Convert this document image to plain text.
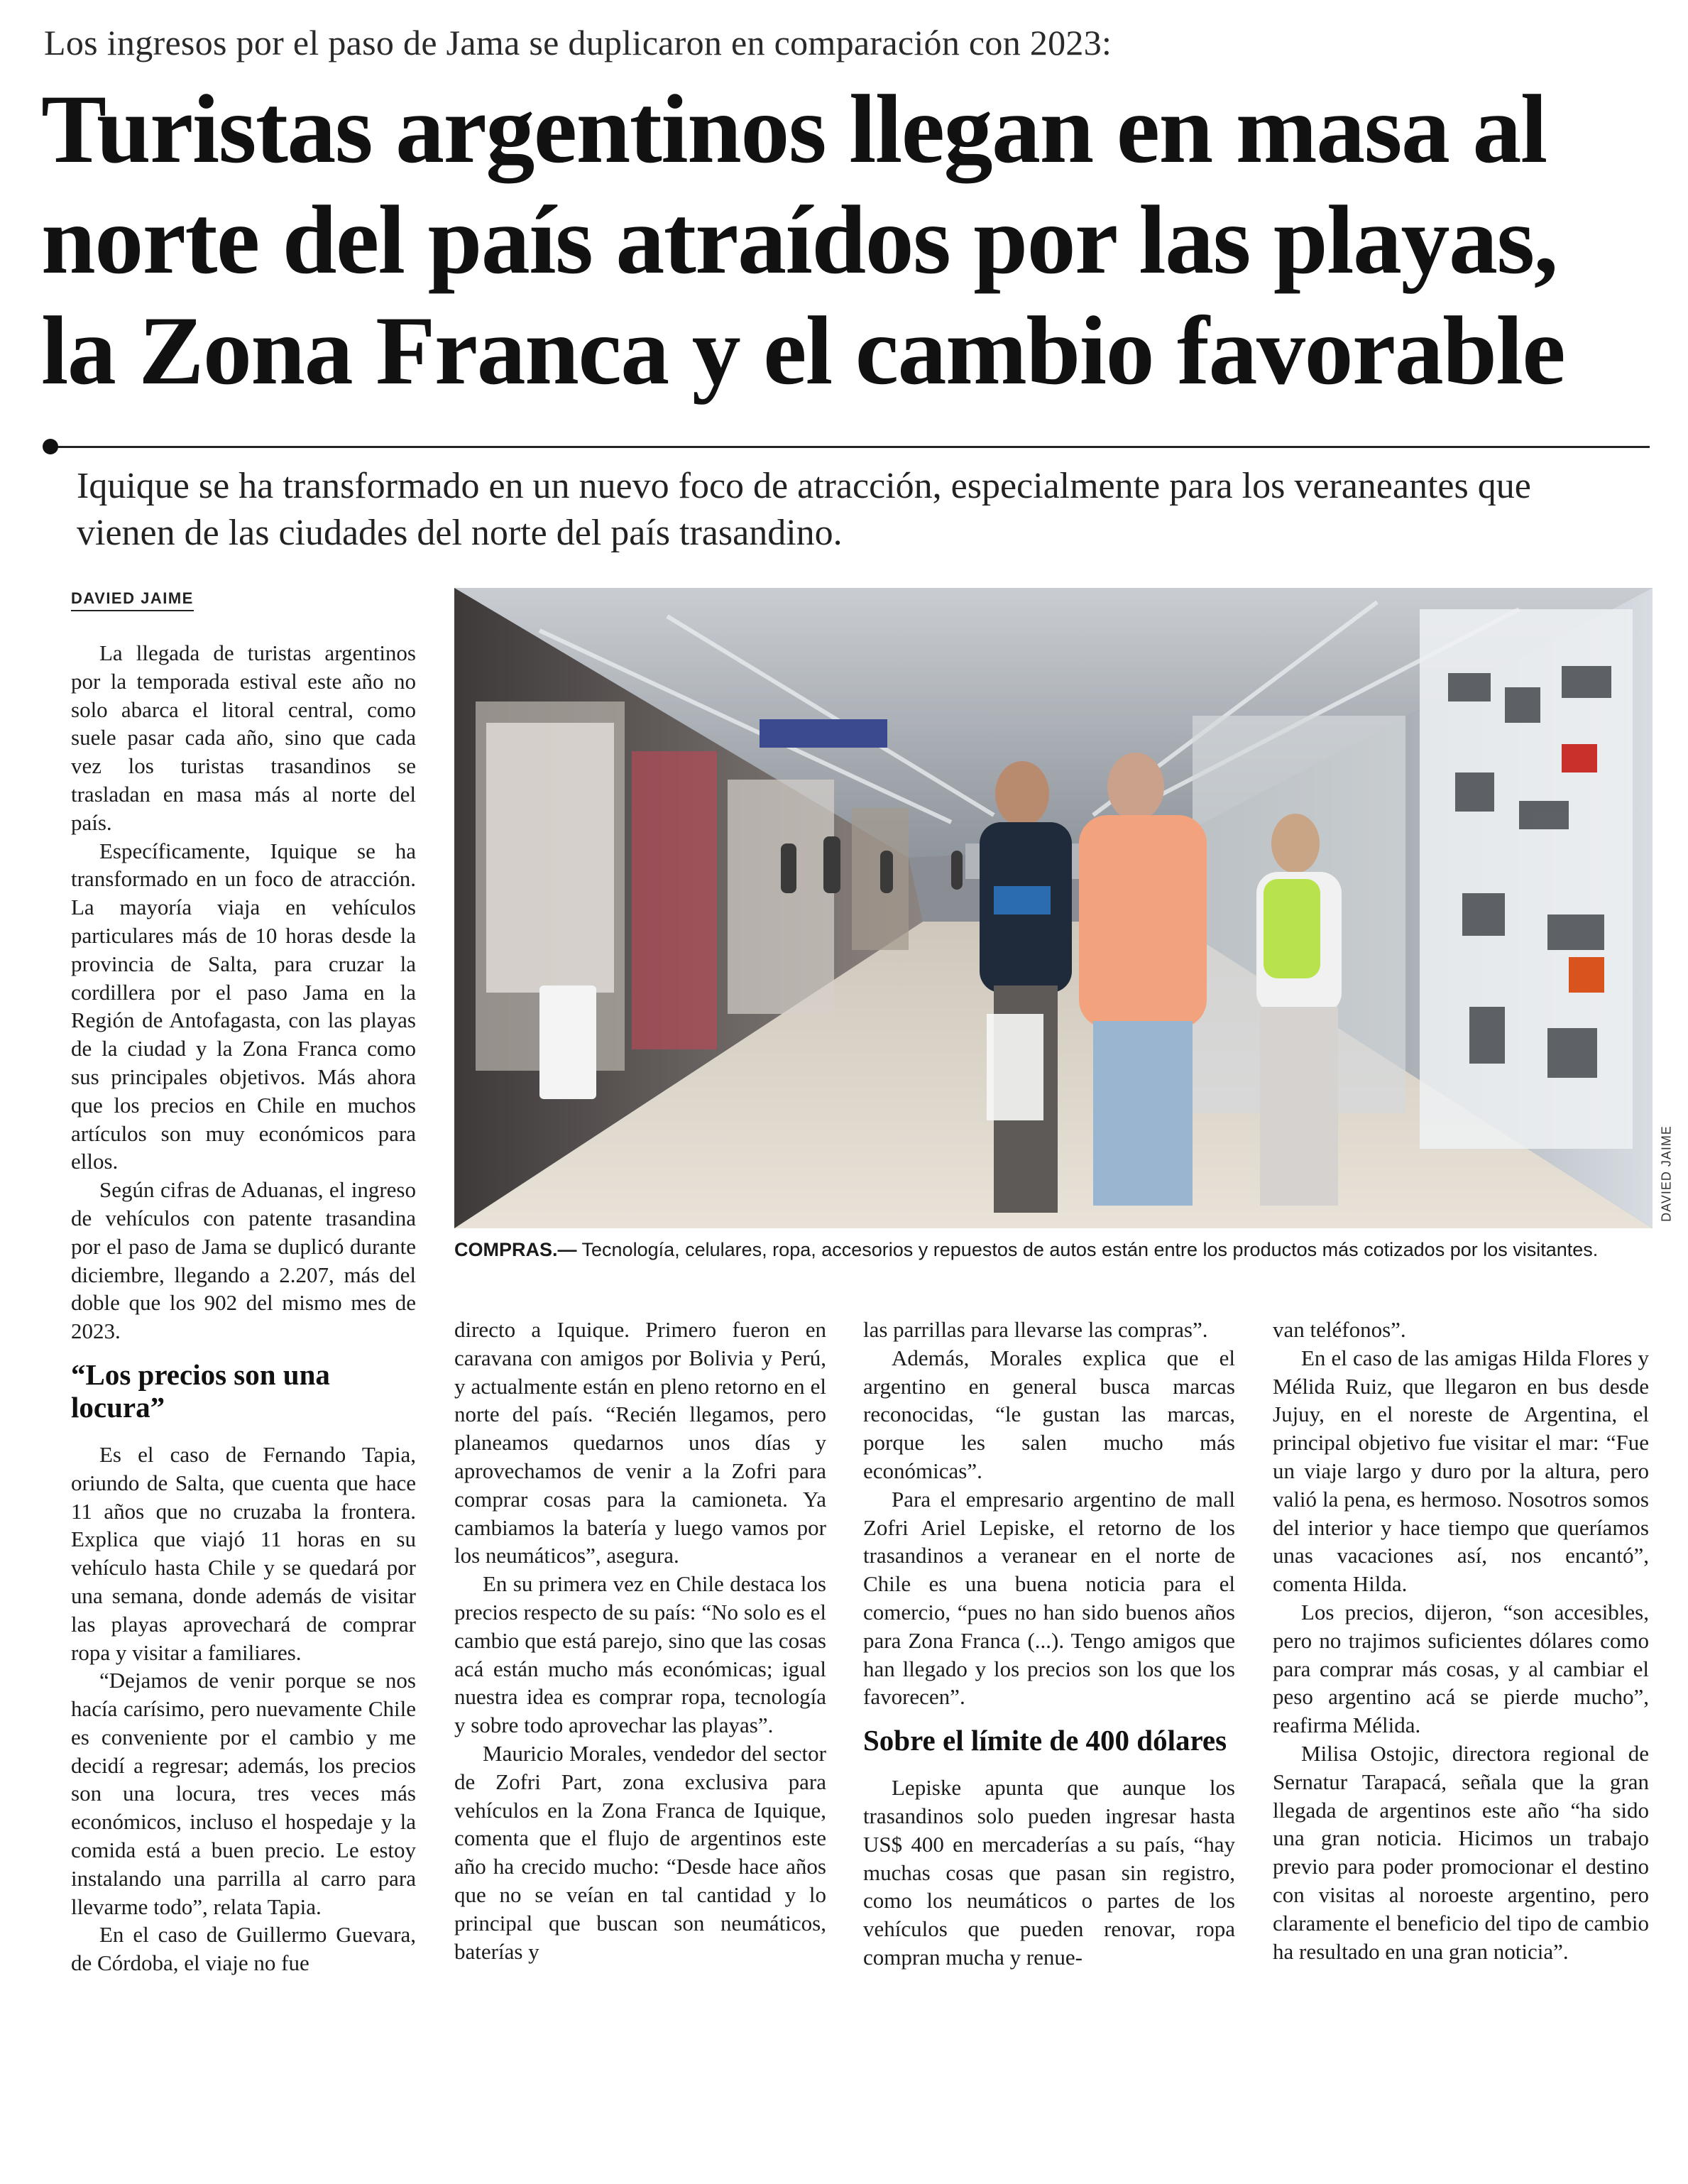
Los ingresos por el paso de Jama se duplicaron en comparación con 2023:
Turistas argentinos llegan en masa al
norte del país atraídos por las playas,
la Zona Franca y el cambio favorable
Iquique se ha transformado en un nuevo foco de atracción, especialmente para los veraneantes que vienen de las ciudades del norte del país trasandino.
DAVIED JAIME

La llegada de turistas argentinos por la temporada estival este año no solo abarca el litoral central, como suele pasar cada año, sino que cada vez los turistas trasandinos se trasladan en masa más al norte del país.

Específicamente, Iquique se ha transformado en un foco de atracción. La mayoría viaja en vehículos particulares más de 10 horas desde la provincia de Salta, para cruzar la cordillera por el paso Jama en la Región de Antofagasta, con las playas de la ciudad y la Zona Franca como sus principales objetivos. Más ahora que los precios en Chile en muchos artículos son muy económicos para ellos.

Según cifras de Aduanas, el ingreso de vehículos con patente trasandina por el paso de Jama se duplicó durante diciembre, llegando a 2.207, más del doble que los 902 del mismo mes de 2023.

“Los precios son una locura”

Es el caso de Fernando Tapia, oriundo de Salta, que cuenta que hace 11 años que no cruzaba la frontera. Explica que viajó 11 horas en su vehículo hasta Chile y se quedará por una semana, donde además de visitar las playas aprovechará de comprar ropa y visitar a familiares.

“Dejamos de venir porque se nos hacía carísimo, pero nuevamente Chile es conveniente por el cambio y me decidí a regresar; además, los precios son una locura, tres veces más económicos, incluso el hospedaje y la comida está a buen precio. Le estoy instalando una parrilla al carro para llevarme todo”, relata Tapia.

En el caso de Guillermo Guevara, de Córdoba, el viaje no fue

DAVIED JAIME
COMPRAS.— Tecnología, celulares, ropa, accesorios y repuestos de autos están entre los productos más cotizados por los visitantes.

directo a Iquique. Primero fueron en caravana con amigos por Bolivia y Perú, y actualmente están en pleno retorno en el norte del país. “Recién llegamos, pero planeamos quedarnos unos días y aprovechamos de venir a la Zofri para comprar cosas para la camioneta. Ya cambiamos la batería y luego vamos por los neumáticos”, asegura.

En su primera vez en Chile destaca los precios respecto de su país: “No solo es el cambio que está parejo, sino que las cosas acá están mucho más económicas; igual nuestra idea es comprar ropa, tecnología y sobre todo aprovechar las playas”.

Mauricio Morales, vendedor del sector de Zofri Part, zona exclusiva para vehículos en la Zona Franca de Iquique, comenta que el flujo de argentinos este año ha crecido mucho: “Desde hace años que no se veían en tal cantidad y lo principal que buscan son neumáticos, baterías y

las parrillas para llevarse las compras”.

Además, Morales explica que el argentino en general busca marcas reconocidas, “le gustan las marcas, porque les salen mucho más económicas”.

Para el empresario argentino de mall Zofri Ariel Lepiske, el retorno de los trasandinos a veranear en el norte de Chile es una buena noticia para el comercio, “pues no han sido buenos años para Zona Franca (...). Tengo amigos que han llegado y los precios son los que los favorecen”.

Sobre el límite de 400 dólares

Lepiske apunta que aunque los trasandinos solo pueden ingresar hasta US$ 400 en mercaderías a su país, “hay muchas cosas que pasan sin registro, como los neumáticos o partes de los vehículos que pueden renovar, ropa compran mucha y renue-

van teléfonos”.

En el caso de las amigas Hilda Flores y Mélida Ruiz, que llegaron en bus desde Jujuy, en el noreste de Argentina, el principal objetivo fue visitar el mar: “Fue un viaje largo y duro por la altura, pero valió la pena, es hermoso. Nosotros somos del interior y hace tiempo que queríamos unas vacaciones así, nos encantó”, comenta Hilda.

Los precios, dijeron, “son accesibles, pero no trajimos suficientes dólares como para comprar más cosas, y al cambiar el peso argentino acá se pierde mucho”, reafirma Mélida.

Milisa Ostojic, directora regional de Sernatur Tarapacá, señala que la gran llegada de argentinos este año “ha sido una gran noticia. Hicimos un trabajo previo para poder promocionar el destino con visitas al noroeste argentino, pero claramente el beneficio del tipo de cambio ha resultado en una gran noticia”.
